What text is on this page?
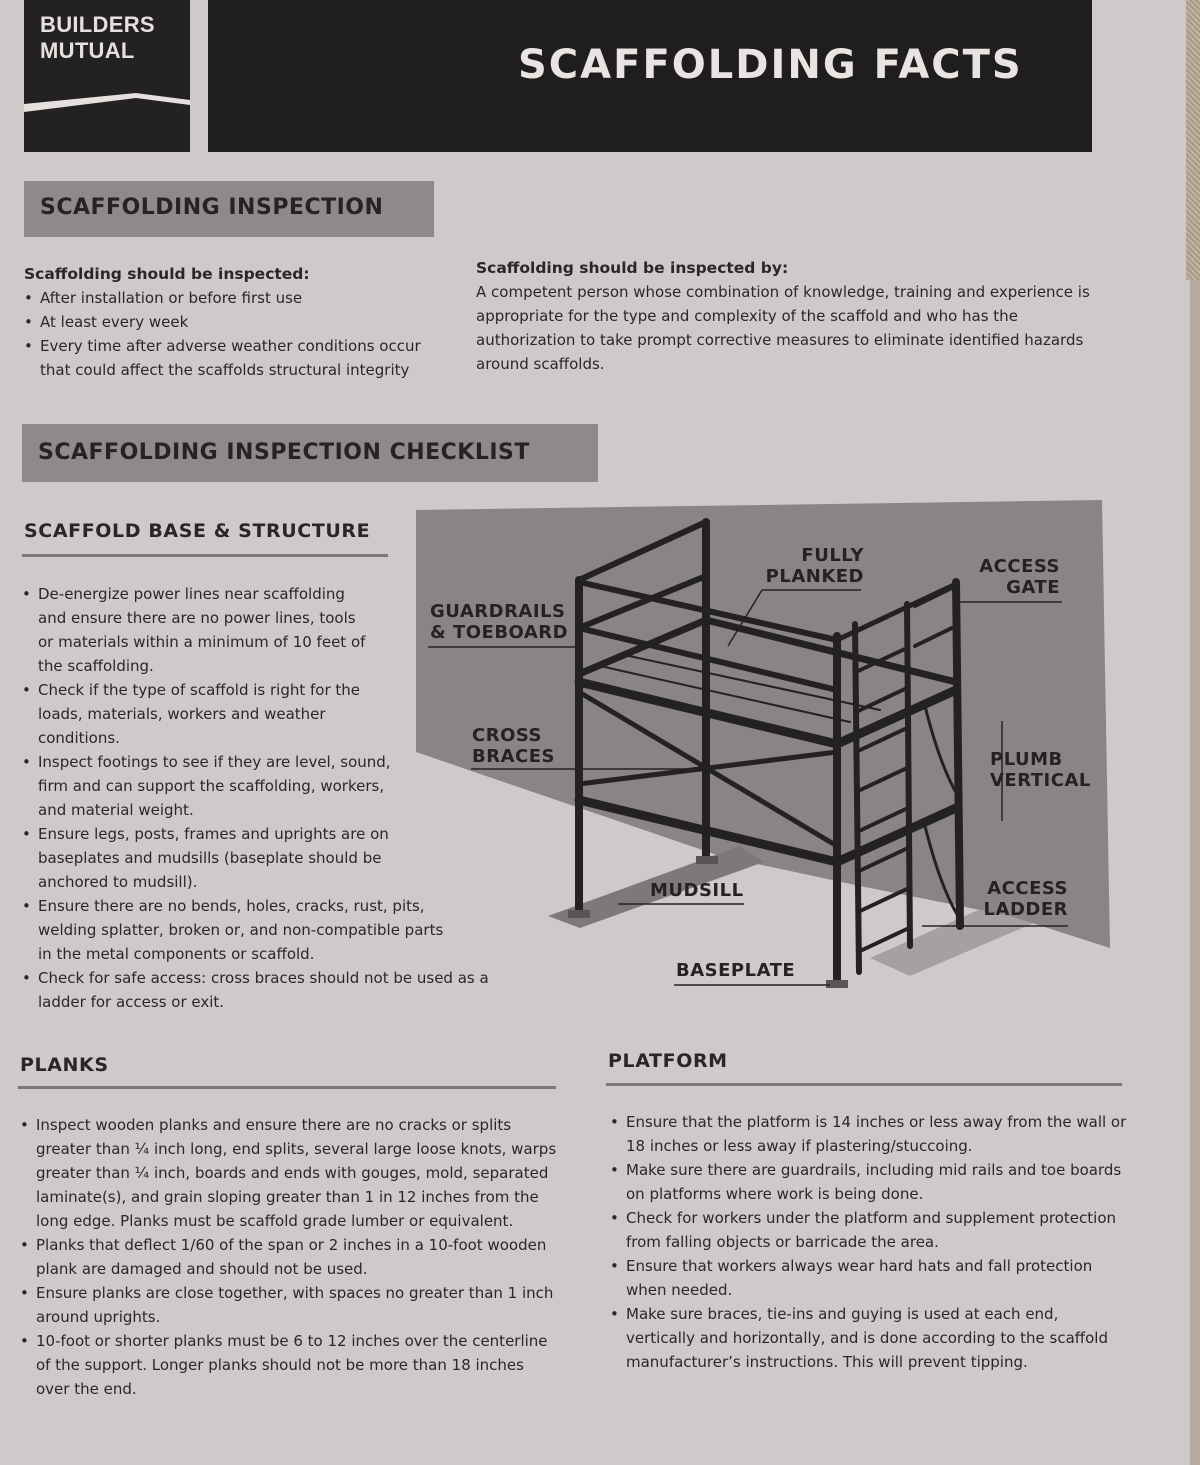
BUILDERS
MUTUAL	SCAFFOLDING FACTS
SCAFFOLDING INSPECTION
Scaffolding should be inspected:
• After installation or before first use
• At least every week
• Every time after adverse weather conditions occur that could affect the scaffolds structural integrity
Scaffolding should be inspected by:
A competent person whose combination of knowledge, training and experience is appropriate for the type and complexity of the scaffold and who has the authorization to take prompt corrective measures to eliminate identified hazards around scaffolds.
SCAFFOLDING INSPECTION CHECKLIST
SCAFFOLD BASE & STRUCTURE
GUARDRAILS
& TOEBOARD
FULLY
PLANKED	ACCESS
GATE
CROSS
BRACES	PLUMB
VERTICAL
MUDSILL	ACCESS
LADDER
BASEPLATE
• De-energize power lines near scaffolding and ensure there are no power lines, tools or materials within a minimum of 10 feet of the scaffolding.
• Check if the type of scaffold is right for the loads, materials, workers and weather conditions.
• Inspect footings to see if they are level, sound, firm and can support the scaffolding, workers, and material weight.
• Ensure legs, posts, frames and uprights are on baseplates and mudsills (baseplate should be anchored to mudsill).
• Ensure there are no bends, holes, cracks, rust, pits, welding splatter, broken or, and non-compatible parts in the metal components or scaffold.
• Check for safe access: cross braces should not be used as a ladder for access or exit.
PLANKS
• Inspect wooden planks and ensure there are no cracks or splits greater than ¼ inch long, end splits, several large loose knots, warps greater than ¼ inch, boards and ends with gouges, mold, separated laminate(s), and grain sloping greater than 1 in 12 inches from the long edge. Planks must be scaffold grade lumber or equivalent.
• Planks that deflect 1/60 of the span or 2 inches in a 10-foot wooden plank are damaged and should not be used.
• Ensure planks are close together, with spaces no greater than 1 inch around uprights.
• 10-foot or shorter planks must be 6 to 12 inches over the centerline of the support. Longer planks should not be more than 18 inches over the end.
PLATFORM
• Ensure that the platform is 14 inches or less away from the wall or 18 inches or less away if plastering/stuccoing.
• Make sure there are guardrails, including mid rails and toe boards on platforms where work is being done.
• Check for workers under the platform and supplement protection from falling objects or barricade the area.
• Ensure that workers always wear hard hats and fall protection when needed.
• Make sure braces, tie-ins and guying is used at each end, vertically and horizontally, and is done according to the scaffold manufacturer’s instructions. This will prevent tipping.
